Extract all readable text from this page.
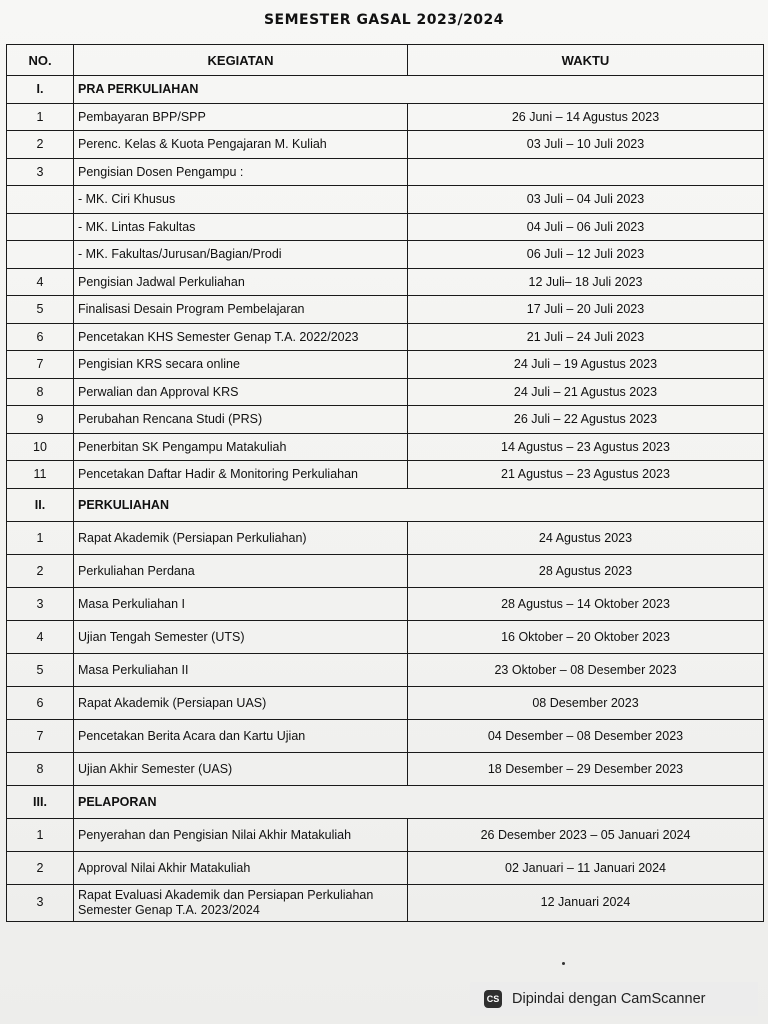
SEMESTER GASAL 2023/2024
NO.	KEGIATAN	WAKTU
I.	PRA PERKULIAHAN	
1	Pembayaran BPP/SPP	26 Juni – 14 Agustus 2023
2	Perenc. Kelas & Kuota Pengajaran M. Kuliah	03 Juli – 10 Juli 2023
3	Pengisian Dosen Pengampu :	
	- MK. Ciri Khusus	03 Juli – 04 Juli 2023
	- MK. Lintas Fakultas	04 Juli – 06 Juli 2023
	- MK. Fakultas/Jurusan/Bagian/Prodi	06 Juli – 12 Juli 2023
4	Pengisian Jadwal Perkuliahan	12 Juli– 18 Juli 2023
5	Finalisasi Desain Program Pembelajaran	17 Juli – 20 Juli 2023
6	Pencetakan KHS Semester Genap T.A. 2022/2023	21 Juli – 24 Juli 2023
7	Pengisian KRS secara online	24 Juli – 19 Agustus 2023
8	Perwalian dan Approval KRS	24 Juli – 21 Agustus 2023
9	Perubahan Rencana Studi (PRS)	26 Juli – 22 Agustus 2023
10	Penerbitan SK Pengampu Matakuliah	14 Agustus – 23 Agustus 2023
11	Pencetakan Daftar Hadir & Monitoring Perkuliahan	21 Agustus – 23 Agustus 2023
II.	PERKULIAHAN	
1	Rapat Akademik (Persiapan Perkuliahan)	24 Agustus 2023
2	Perkuliahan Perdana	28 Agustus 2023
3	Masa Perkuliahan I	28 Agustus – 14 Oktober 2023
4	Ujian Tengah Semester (UTS)	16 Oktober – 20 Oktober 2023
5	Masa Perkuliahan II	23 Oktober – 08 Desember 2023
6	Rapat Akademik (Persiapan UAS)	08 Desember 2023
7	Pencetakan Berita Acara dan Kartu Ujian	04 Desember – 08 Desember 2023
8	Ujian Akhir Semester (UAS)	18 Desember – 29 Desember 2023
III.	PELAPORAN	
1	Penyerahan dan Pengisian Nilai Akhir Matakuliah	26 Desember 2023 – 05 Januari 2024
2	Approval Nilai Akhir Matakuliah	02 Januari – 11 Januari 2024
3	Rapat Evaluasi Akademik dan Persiapan Perkuliahan Semester Genap T.A. 2023/2024	12 Januari 2024
CS Dipindai dengan CamScanner
